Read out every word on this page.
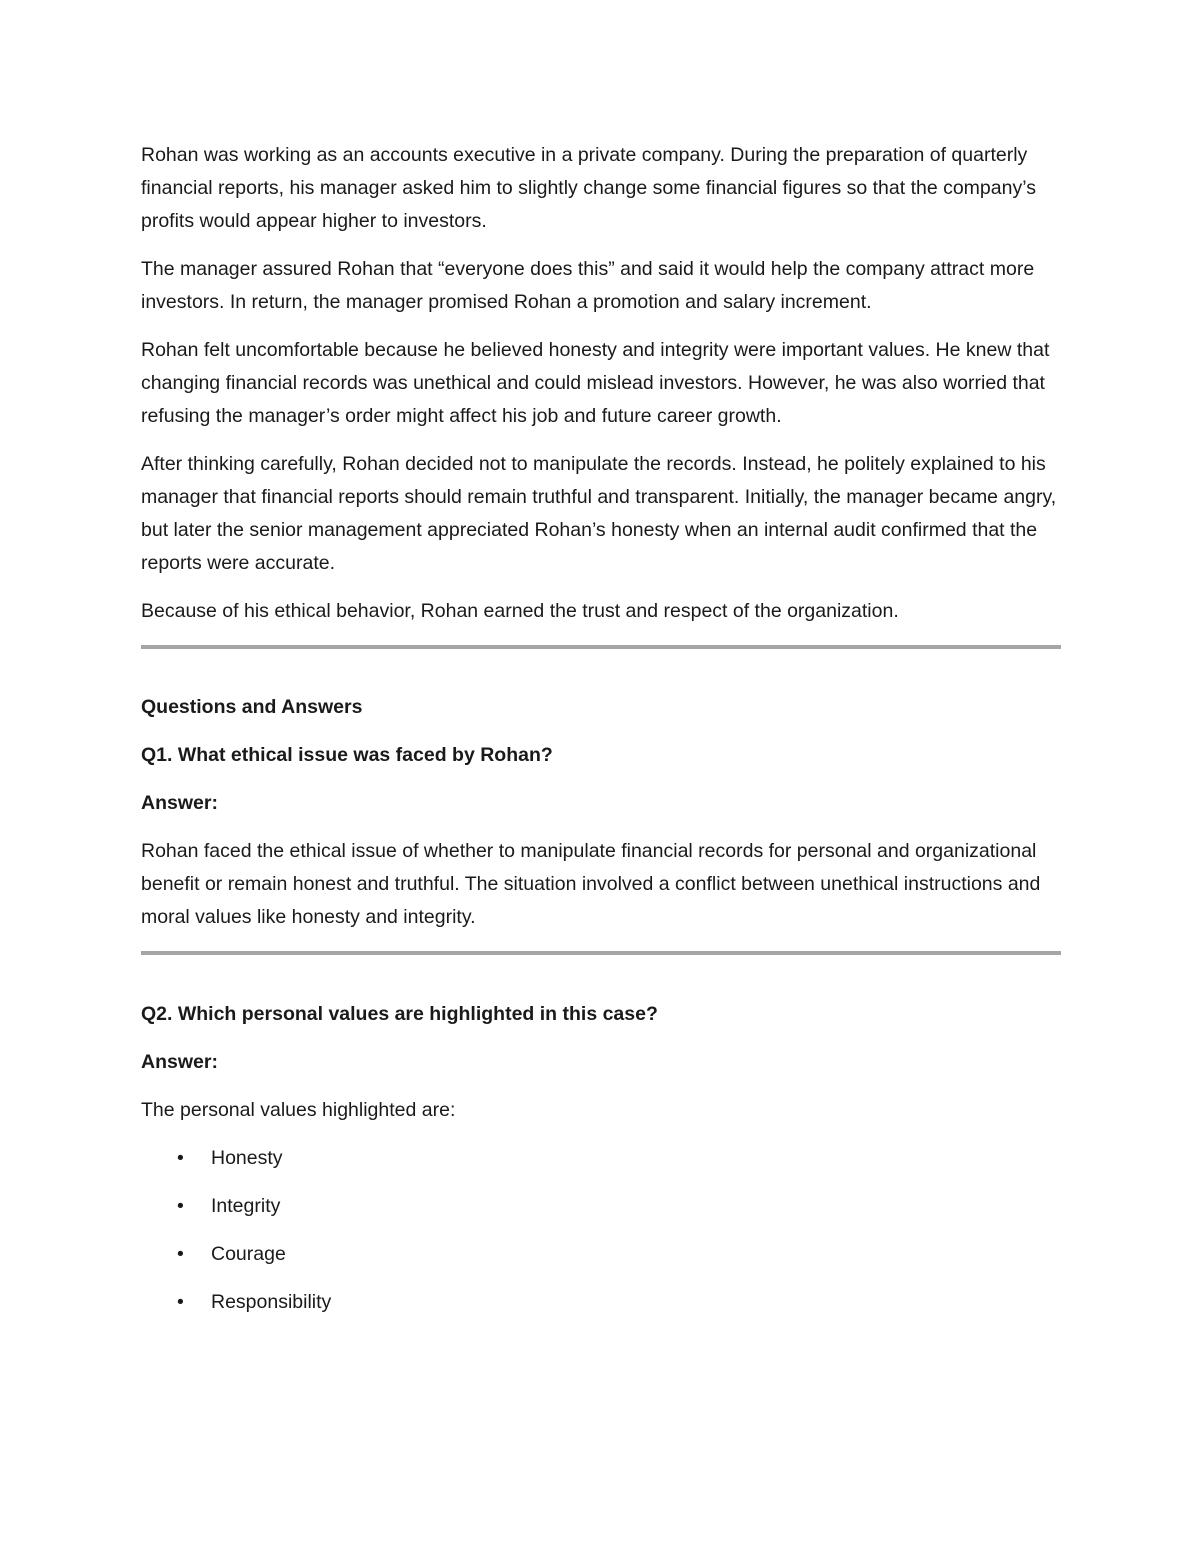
Rohan was working as an accounts executive in a private company. During the preparation of quarterly financial reports, his manager asked him to slightly change some financial figures so that the company’s profits would appear higher to investors.

The manager assured Rohan that “everyone does this” and said it would help the company attract more investors. In return, the manager promised Rohan a promotion and salary increment.

Rohan felt uncomfortable because he believed honesty and integrity were important values. He knew that changing financial records was unethical and could mislead investors. However, he was also worried that refusing the manager’s order might affect his job and future career growth.

After thinking carefully, Rohan decided not to manipulate the records. Instead, he politely explained to his manager that financial reports should remain truthful and transparent. Initially, the manager became angry, but later the senior management appreciated Rohan’s honesty when an internal audit confirmed that the reports were accurate.

Because of his ethical behavior, Rohan earned the trust and respect of the organization.

Questions and Answers

Q1. What ethical issue was faced by Rohan?

Answer:

Rohan faced the ethical issue of whether to manipulate financial records for personal and organizational benefit or remain honest and truthful. The situation involved a conflict between unethical instructions and moral values like honesty and integrity.

Q2. Which personal values are highlighted in this case?

Answer:

The personal values highlighted are:

• Honesty
• Integrity
• Courage
• Responsibility
